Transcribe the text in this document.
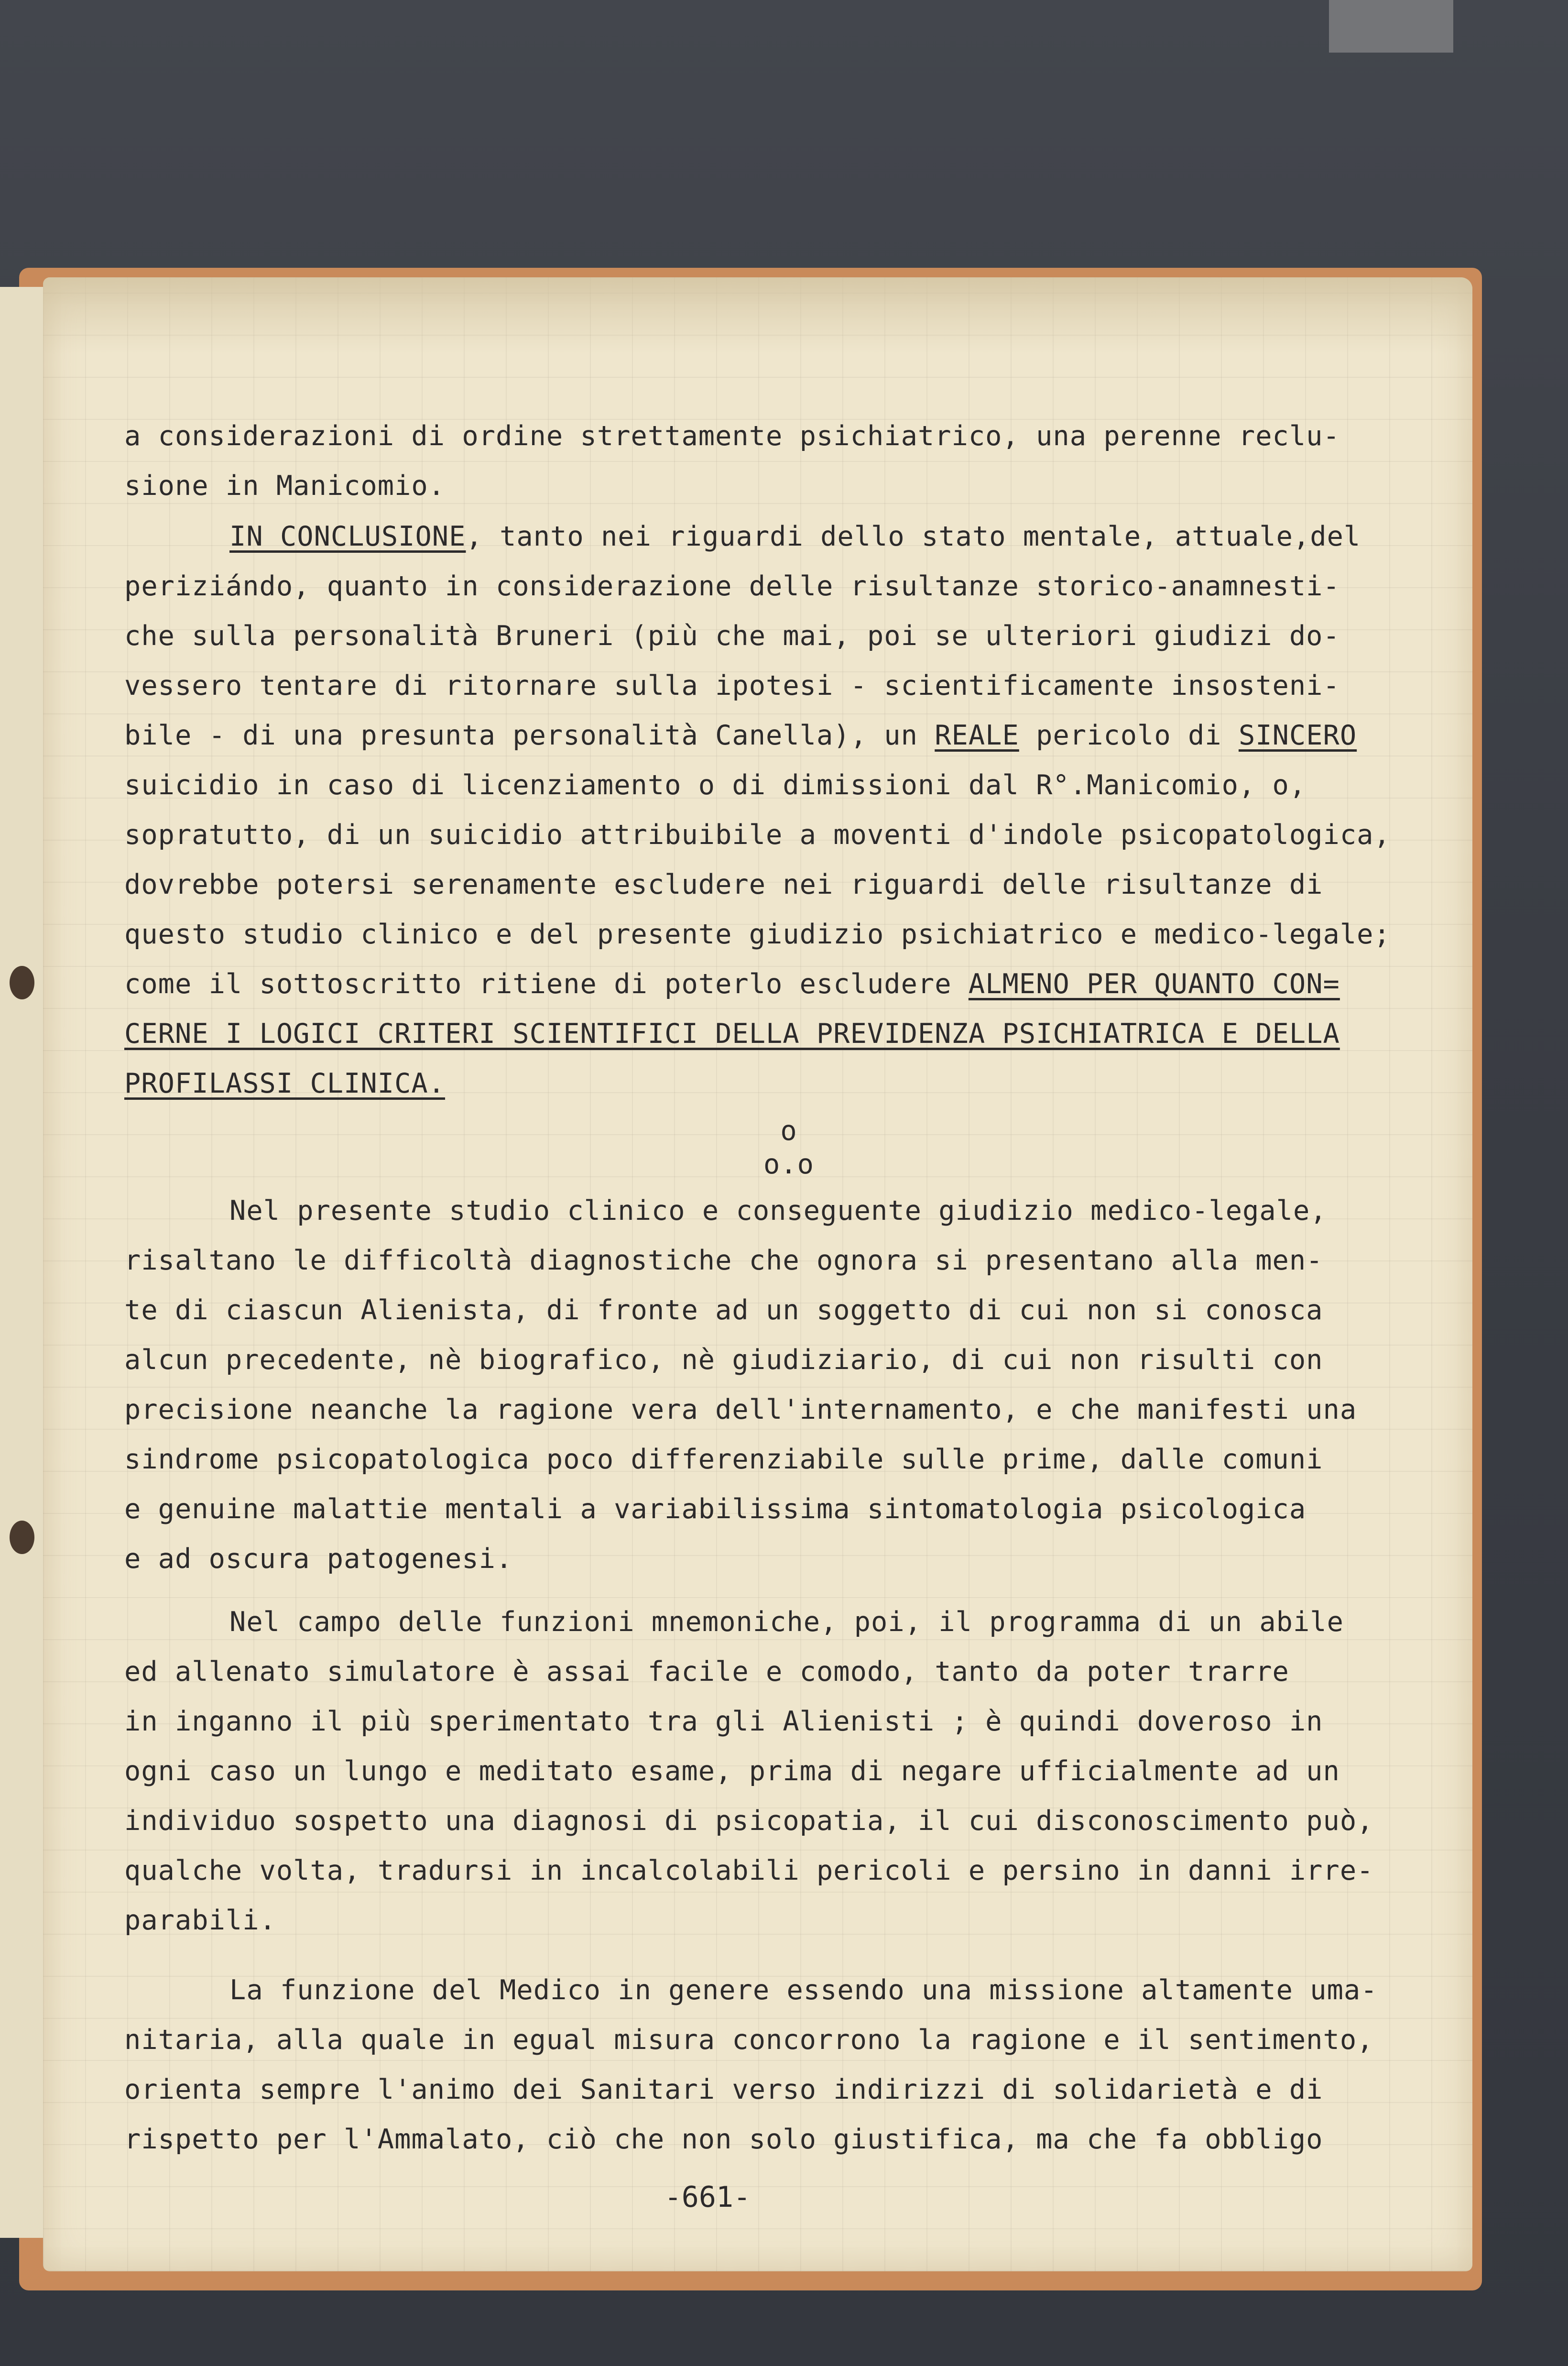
a considerazioni di ordine strettamente psichiatrico, una perenne reclu-
sione in Manicomio.
IN CONCLUSIONE, tanto nei riguardi dello stato mentale, attuale,del
periziándo, quanto in considerazione delle risultanze storico-anamnesti-
che sulla personalità Bruneri (più che mai, poi se ulteriori giudizi do-
vessero tentare di ritornare sulla ipotesi - scientificamente insosteni-
bile - di una presunta personalità Canella), un REALE pericolo di SINCERO
suicidio in caso di licenziamento o di dimissioni dal R°.Manicomio, o,
sopratutto, di un suicidio attribuibile a moventi d'indole psicopatologica,
dovrebbe potersi serenamente escludere nei riguardi delle risultanze di
questo studio clinico e del presente giudizio psichiatrico e medico-legale;
come il sottoscritto ritiene di poterlo escludere ALMENO PER QUANTO CON=
CERNE I LOGICI CRITERI SCIENTIFICI DELLA PREVIDENZA PSICHIATRICA E DELLA
PROFILASSI CLINICA.
o
o.o
Nel presente studio clinico e conseguente giudizio medico-legale,
risaltano le difficoltà diagnostiche che ognora si presentano alla men-
te di ciascun Alienista, di fronte ad un soggetto di cui non si conosca
alcun precedente, nè biografico, nè giudiziario, di cui non risulti con
precisione neanche la ragione vera dell'internamento, e che manifesti una
sindrome psicopatologica poco differenziabile sulle prime, dalle comuni
e genuine malattie mentali a variabilissima sintomatologia psicologica
e ad oscura patogenesi.
Nel campo delle funzioni mnemoniche, poi, il programma di un abile
ed allenato simulatore è assai facile e comodo, tanto da poter trarre
in inganno il più sperimentato tra gli Alienisti ; è quindi doveroso in
ogni caso un lungo e meditato esame, prima di negare ufficialmente ad un
individuo sospetto una diagnosi di psicopatia, il cui disconoscimento può,
qualche volta, tradursi in incalcolabili pericoli e persino in danni irre-
parabili.
La funzione del Medico in genere essendo una missione altamente uma-
nitaria, alla quale in egual misura concorrono la ragione e il sentimento,
orienta sempre l'animo dei Sanitari verso indirizzi di solidarietà e di
rispetto per l'Ammalato, ciò che non solo giustifica, ma che fa obbligo
-661-
